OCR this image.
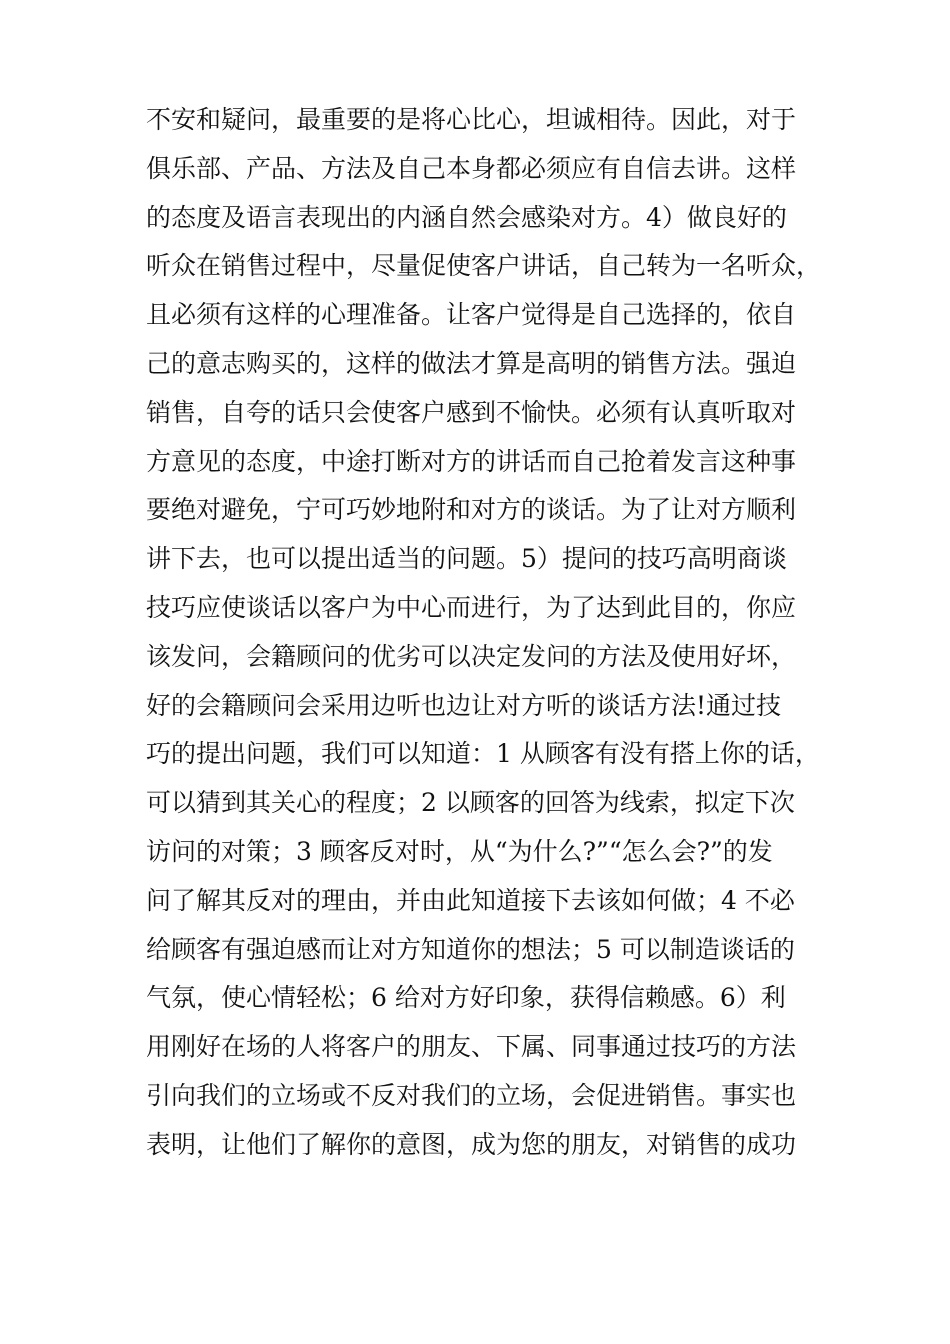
不安和疑问，最重要的是将心比心，坦诚相待。因此，对于
俱乐部、产品、方法及自己本身都必须应有自信去讲。这样
的态度及语言表现出的内涵自然会感染对方。4）做良好的
听众在销售过程中，尽量促使客户讲话，自己转为一名听众，
且必须有这样的心理准备。让客户觉得是自己选择的，依自
己的意志购买的，这样的做法才算是高明的销售方法。强迫
销售，自夸的话只会使客户感到不愉快。必须有认真听取对
方意见的态度，中途打断对方的讲话而自己抢着发言这种事
要绝对避免，宁可巧妙地附和对方的谈话。为了让对方顺利
讲下去，也可以提出适当的问题。5）提问的技巧高明商谈
技巧应使谈话以客户为中心而进行，为了达到此目的，你应
该发问，会籍顾问的优劣可以决定发问的方法及使用好坏，
好的会籍顾问会采用边听也边让对方听的谈话方法!通过技
巧的提出问题，我们可以知道：1 从顾客有没有搭上你的话，
可以猜到其关心的程度；2 以顾客的回答为线索，拟定下次
访问的对策；3 顾客反对时，从“为什么?”“怎么会?”的发
问了解其反对的理由，并由此知道接下去该如何做；4 不必
给顾客有强迫感而让对方知道你的想法；5 可以制造谈话的
气氛，使心情轻松；6 给对方好印象，获得信赖感。6）利
用刚好在场的人将客户的朋友、下属、同事通过技巧的方法
引向我们的立场或不反对我们的立场，会促进销售。事实也
表明，让他们了解你的意图，成为您的朋友，对销售的成功
